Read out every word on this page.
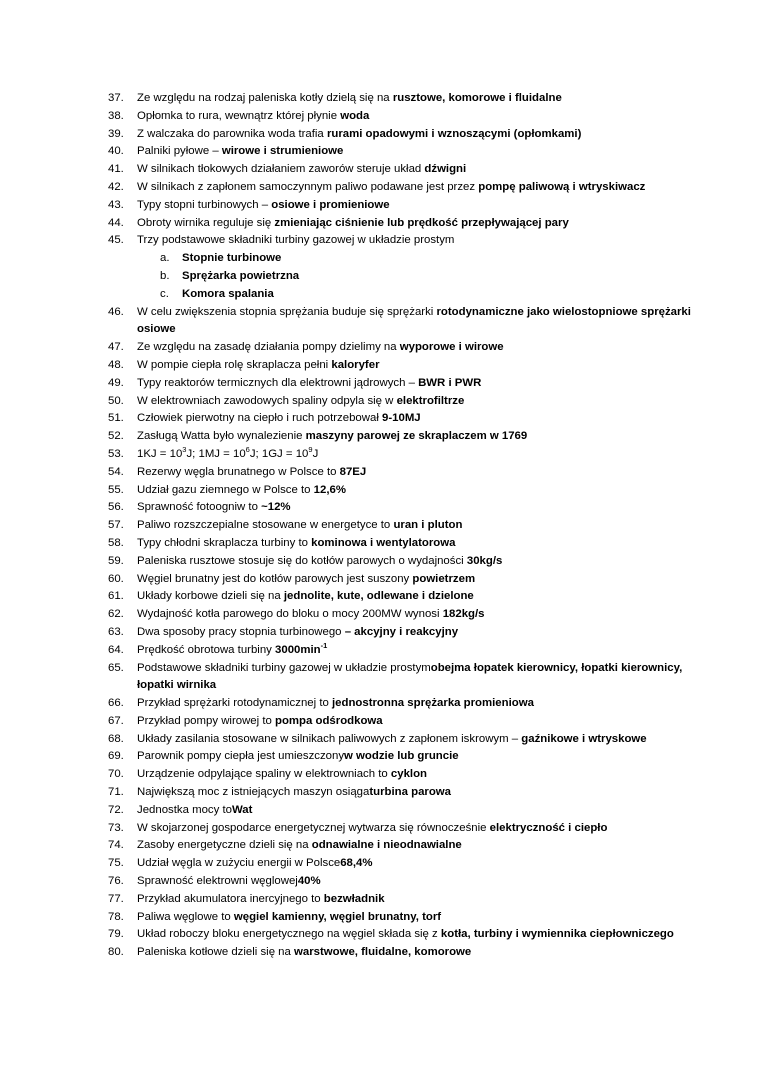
37.	Ze względu na rodzaj paleniska kotły dzielą się na rusztowe, komorowe i fluidalne
38.	Opłomka to rura, wewnątrz której płynie woda
39.	Z walczaka do parownika woda trafia rurami opadowymi i wznoszącymi (opłomkami)
40.	Palniki pyłowe – wirowe i strumieniowe
41.	W silnikach tłokowych działaniem zaworów steruje układ dźwigni
42.	W silnikach z zapłonem samoczynnym paliwo podawane jest przez pompę paliwową i wtryskiwacz
43.	Typy stopni turbinowych – osiowe i promieniowe
44.	Obroty wirnika reguluje się zmieniając ciśnienie lub prędkość przepływającej pary
45.	Trzy podstawowe składniki turbiny gazowej w układzie prostym
a.	Stopnie turbinowe
b.	Sprężarka powietrzna
c.	Komora spalania
46.	W celu zwiększenia stopnia sprężania buduje się sprężarki rotodynamiczne jako wielostopniowe sprężarki osiowe
47.	Ze względu na zasadę działania pompy dzielimy na wyporowe i wirowe
48.	W pompie ciepła rolę skraplacza pełni kaloryfer
49.	Typy reaktorów termicznych dla elektrowni jądrowych – BWR i PWR
50.	W elektrowniach zawodowych spaliny odpyla się w elektrofiltrze
51.	Człowiek pierwotny na ciepło i ruch potrzebował 9-10MJ
52.	Zasługą Watta było wynalezienie maszyny parowej ze skraplaczem w 1769
53.	$1KJ = 10^3J$; $1MJ = 10^6J$; $1GJ = 10^9J$
54.	Rezerwy węgla brunatnego w Polsce to 87EJ
55.	Udział gazu ziemnego w Polsce to 12,6%
56.	Sprawność fotoogniw to ~12%
57.	Paliwo rozszczepialne stosowane w energetyce to uran i pluton
58.	Typy chłodni skraplacza turbiny to kominowa i wentylatorowa
59.	Paleniska rusztowe stosuje się do kotłów parowych o wydajności 30kg/s
60.	Węgiel brunatny jest do kotłów parowych jest suszony powietrzem
61.	Układy korbowe dzieli się na jednolite, kute, odlewane i dzielone
62.	Wydajność kotła parowego do bloku o mocy 200MW wynosi 182kg/s
63.	Dwa sposoby pracy stopnia turbinowego – akcyjny i reakcyjny
64.	Prędkość obrotowa turbiny $3000\min^{-1}$
65.	Podstawowe składniki turbiny gazowej w układzie prostymobejma łopatek kierownicy, łopatki kierownicy, łopatki wirnika
66.	Przykład sprężarki rotodynamicznej to jednostronna sprężarka promieniowa
67.	Przykład pompy wirowej to pompa odśrodkowa
68.	Układy zasilania stosowane w silnikach paliwowych z zapłonem iskrowym – gaźnikowe i wtryskowe
69.	Parownik pompy ciepła jest umieszczonyw wodzie lub gruncie
70.	Urządzenie odpylające spaliny w elektrowniach to cyklon
71.	Największą moc z istniejących maszyn osiągaturbina parowa
72.	Jednostka mocy toWat
73.	W skojarzonej gospodarce energetycznej wytwarza się równocześnie elektryczność i ciepło
74.	Zasoby energetyczne dzieli się na odnawialne i nieodnawialne
75.	Udział węgla w zużyciu energii w Polsce68,4%
76.	Sprawność elektrowni węglowej40%
77.	Przykład akumulatora inercyjnego to bezwładnik
78.	Paliwa węglowe to węgiel kamienny, węgiel brunatny, torf
79.	Układ roboczy bloku energetycznego na węgiel składa się z kotła, turbiny i wymiennika ciepłowniczego
80.	Paleniska kotłowe dzieli się na warstwowe, fluidalne, komorowe
